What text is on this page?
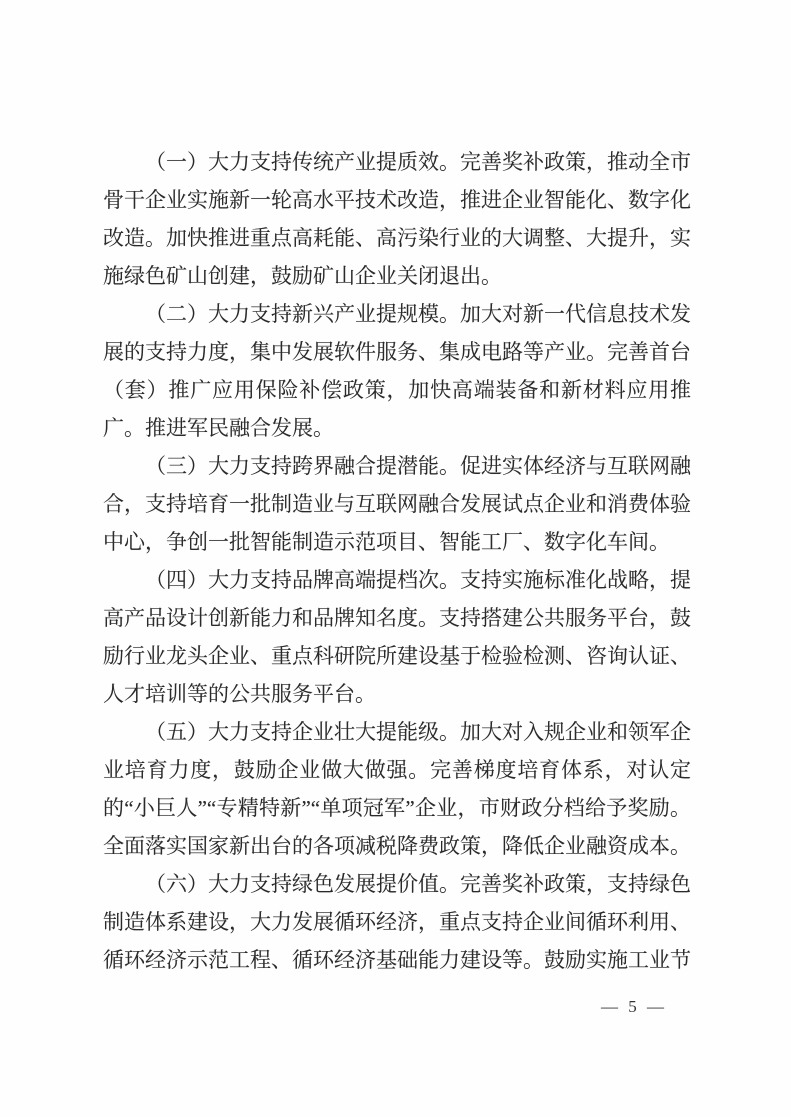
（一）大力支持传统产业提质效。完善奖补政策，推动全市骨干企业实施新一轮高水平技术改造，推进企业智能化、数字化改造。加快推进重点高耗能、高污染行业的大调整、大提升，实施绿色矿山创建，鼓励矿山企业关闭退出。

（二）大力支持新兴产业提规模。加大对新一代信息技术发展的支持力度，集中发展软件服务、集成电路等产业。完善首台（套）推广应用保险补偿政策，加快高端装备和新材料应用推广。推进军民融合发展。

（三）大力支持跨界融合提潜能。促进实体经济与互联网融合，支持培育一批制造业与互联网融合发展试点企业和消费体验中心，争创一批智能制造示范项目、智能工厂、数字化车间。

（四）大力支持品牌高端提档次。支持实施标准化战略，提高产品设计创新能力和品牌知名度。支持搭建公共服务平台，鼓励行业龙头企业、重点科研院所建设基于检验检测、咨询认证、人才培训等的公共服务平台。

（五）大力支持企业壮大提能级。加大对入规企业和领军企业培育力度，鼓励企业做大做强。完善梯度培育体系，对认定的“小巨人”“专精特新”“单项冠军”企业，市财政分档给予奖励。全面落实国家新出台的各项减税降费政策，降低企业融资成本。

（六）大力支持绿色发展提价值。完善奖补政策，支持绿色制造体系建设，大力发展循环经济，重点支持企业间循环利用、循环经济示范工程、循环经济基础能力建设等。鼓励实施工业节

— 5 —
